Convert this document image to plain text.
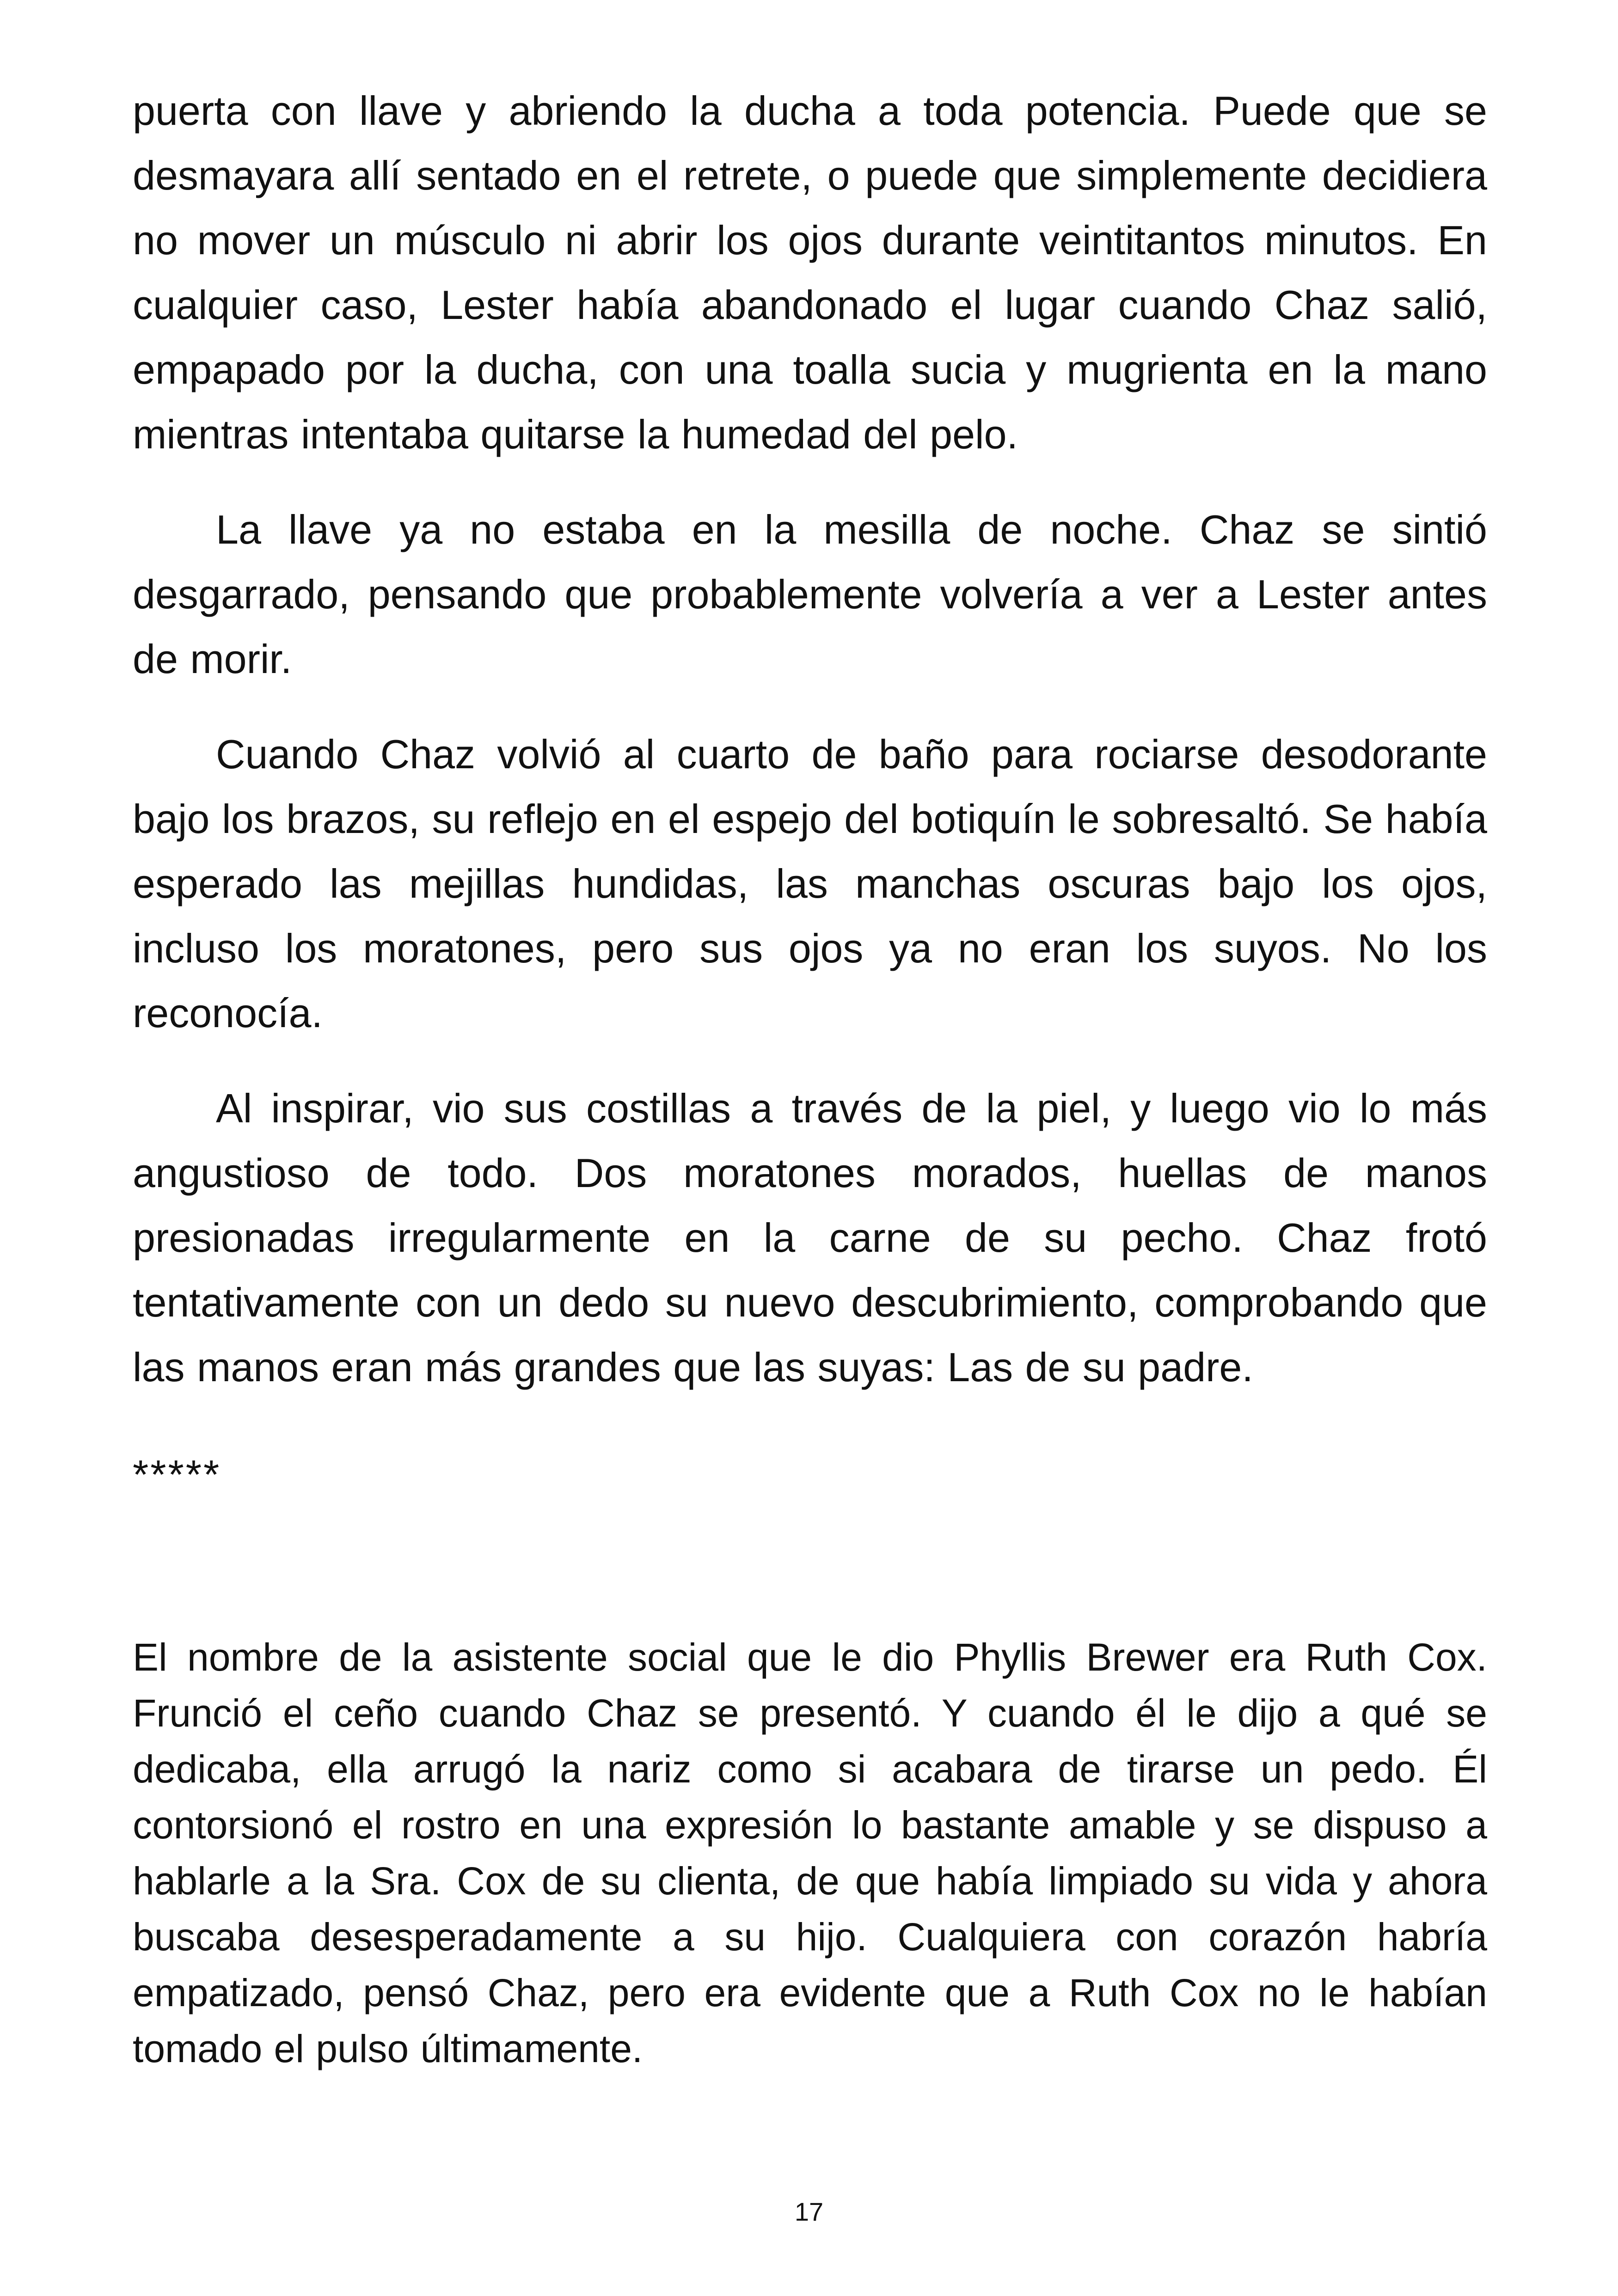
puerta con llave y abriendo la ducha a toda potencia. Puede que se desmayara allí sentado en el retrete, o puede que simplemente decidiera no mover un músculo ni abrir los ojos durante veintitantos minutos. En cualquier caso, Lester había abandonado el lugar cuando Chaz salió, empapado por la ducha, con una toalla sucia y mugrienta en la mano mientras intentaba quitarse la humedad del pelo.

La llave ya no estaba en la mesilla de noche. Chaz se sintió desgarrado, pensando que probablemente volvería a ver a Lester antes de morir.

Cuando Chaz volvió al cuarto de baño para rociarse desodorante bajo los brazos, su reflejo en el espejo del botiquín le sobresaltó. Se había esperado las mejillas hundidas, las manchas oscuras bajo los ojos, incluso los moratones, pero sus ojos ya no eran los suyos. No los reconocía.

Al inspirar, vio sus costillas a través de la piel, y luego vio lo más angustioso de todo. Dos moratones morados, huellas de manos presionadas irregularmente en la carne de su pecho. Chaz frotó tentativamente con un dedo su nuevo descubrimiento, comprobando que las manos eran más grandes que las suyas: Las de su padre.

*****

El nombre de la asistente social que le dio Phyllis Brewer era Ruth Cox. Frunció el ceño cuando Chaz se presentó. Y cuando él le dijo a qué se dedicaba, ella arrugó la nariz como si acabara de tirarse un pedo. Él contorsionó el rostro en una expresión lo bastante amable y se dispuso a hablarle a la Sra. Cox de su clienta, de que había limpiado su vida y ahora buscaba desesperadamente a su hijo. Cualquiera con corazón habría empatizado, pensó Chaz, pero era evidente que a Ruth Cox no le habían tomado el pulso últimamente.

17
